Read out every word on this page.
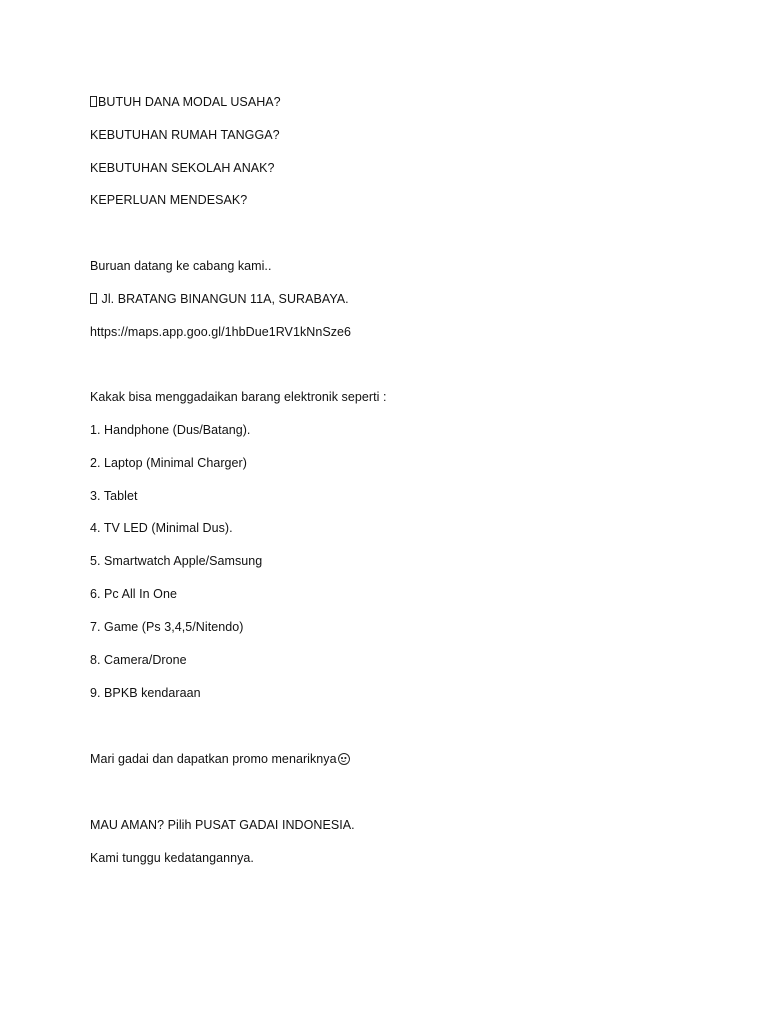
BUTUH DANA MODAL USAHA?
KEBUTUHAN RUMAH TANGGA?
KEBUTUHAN SEKOLAH ANAK?
KEPERLUAN MENDESAK?
Buruan datang ke cabang kami..
Jl. BRATANG BINANGUN 11A, SURABAYA.
https://maps.app.goo.gl/1hbDue1RV1kNnSze6
Kakak bisa menggadaikan barang elektronik seperti :
1. Handphone (Dus/Batang).
2. Laptop (Minimal Charger)
3. Tablet
4. TV LED (Minimal Dus).
5. Smartwatch Apple/Samsung
6. Pc All In One
7. Game (Ps 3,4,5/Nitendo)
8. Camera/Drone
9. BPKB kendaraan
Mari gadai dan dapatkan promo menariknya
MAU AMAN? Pilih PUSAT GADAI INDONESIA.
Kami tunggu kedatangannya.
